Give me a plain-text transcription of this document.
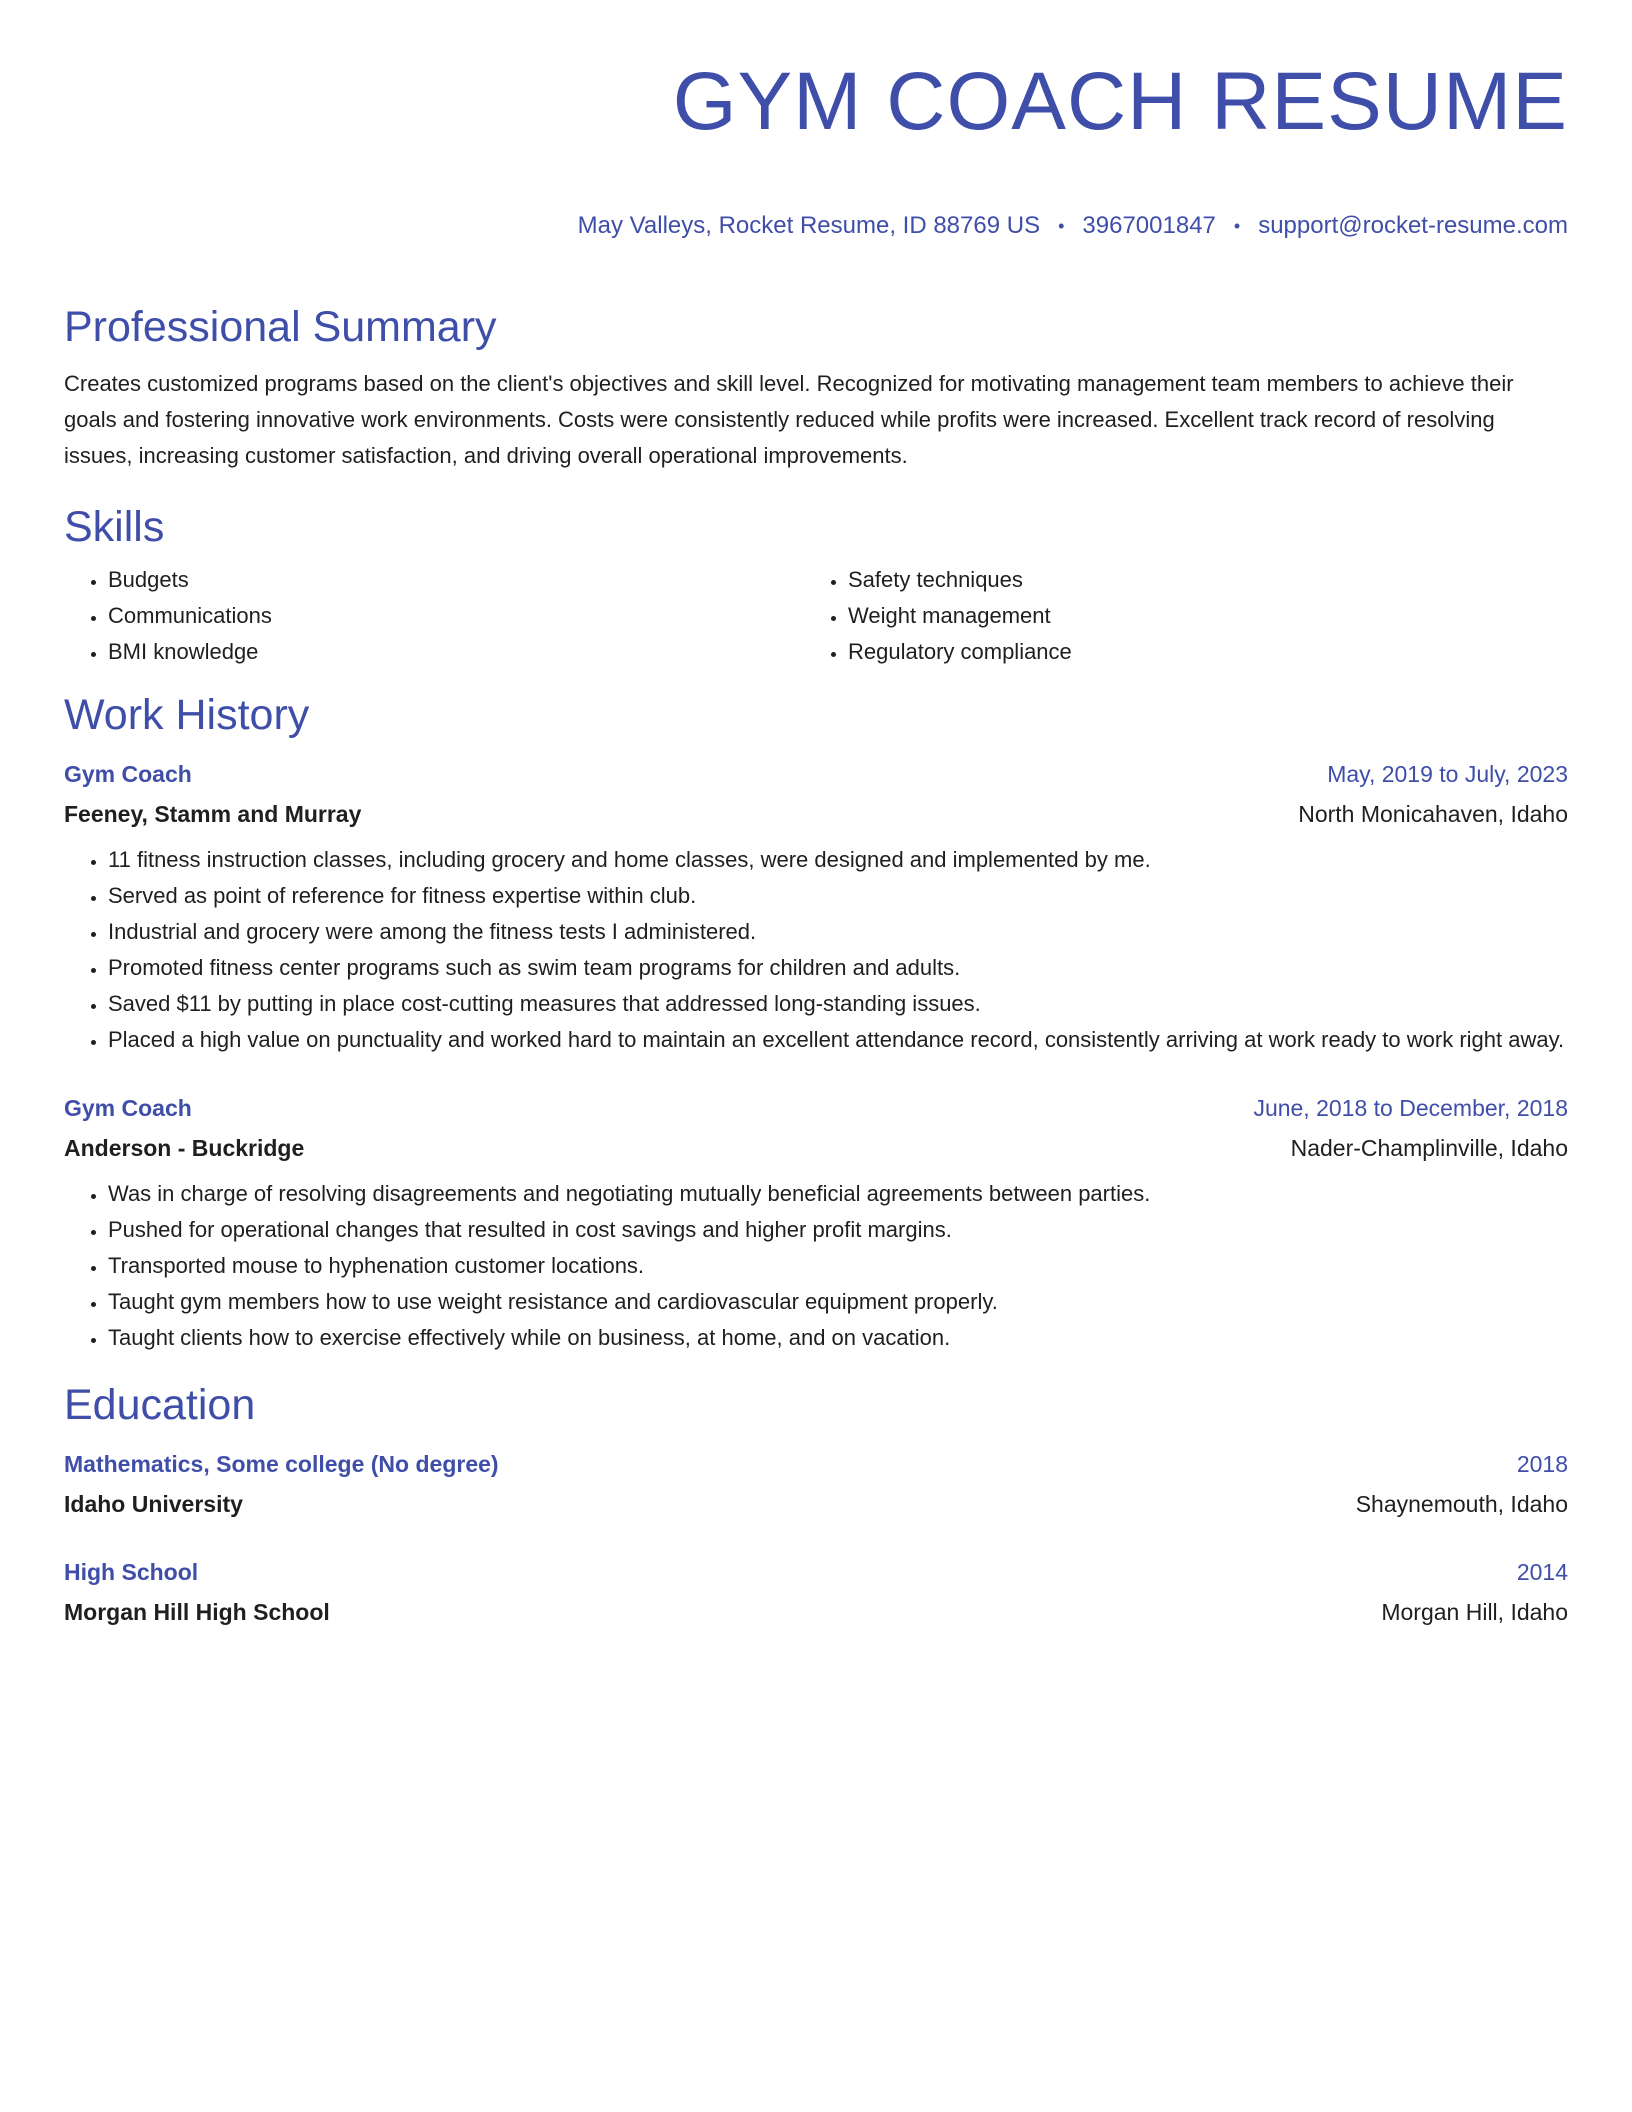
GYM COACH RESUME
May Valleys, Rocket Resume, ID 88769 US • 3967001847 • support@rocket-resume.com
Professional Summary

Creates customized programs based on the client's objectives and skill level. Recognized for motivating management team members to achieve their goals and fostering innovative work environments. Costs were consistently reduced while profits were increased. Excellent track record of resolving issues, increasing customer satisfaction, and driving overall operational improvements.

Skills
• Budgets
• Communications
• BMI knowledge
• Safety techniques
• Weight management
• Regulatory compliance
Work History
Gym Coach	May, 2019 to July, 2023
Feeney, Stamm and Murray	North Monicahaven, Idaho
• 11 fitness instruction classes, including grocery and home classes, were designed and implemented by me.
• Served as point of reference for fitness expertise within club.
• Industrial and grocery were among the fitness tests I administered.
• Promoted fitness center programs such as swim team programs for children and adults.
• Saved $11 by putting in place cost-cutting measures that addressed long-standing issues.
• Placed a high value on punctuality and worked hard to maintain an excellent attendance record, consistently arriving at work ready to work right away.
Gym Coach	June, 2018 to December, 2018
Anderson - Buckridge	Nader-Champlinville, Idaho
• Was in charge of resolving disagreements and negotiating mutually beneficial agreements between parties.
• Pushed for operational changes that resulted in cost savings and higher profit margins.
• Transported mouse to hyphenation customer locations.
• Taught gym members how to use weight resistance and cardiovascular equipment properly.
• Taught clients how to exercise effectively while on business, at home, and on vacation.
Education
Mathematics, Some college (No degree)	2018
Idaho University	Shaynemouth, Idaho
High School	2014
Morgan Hill High School	Morgan Hill, Idaho
